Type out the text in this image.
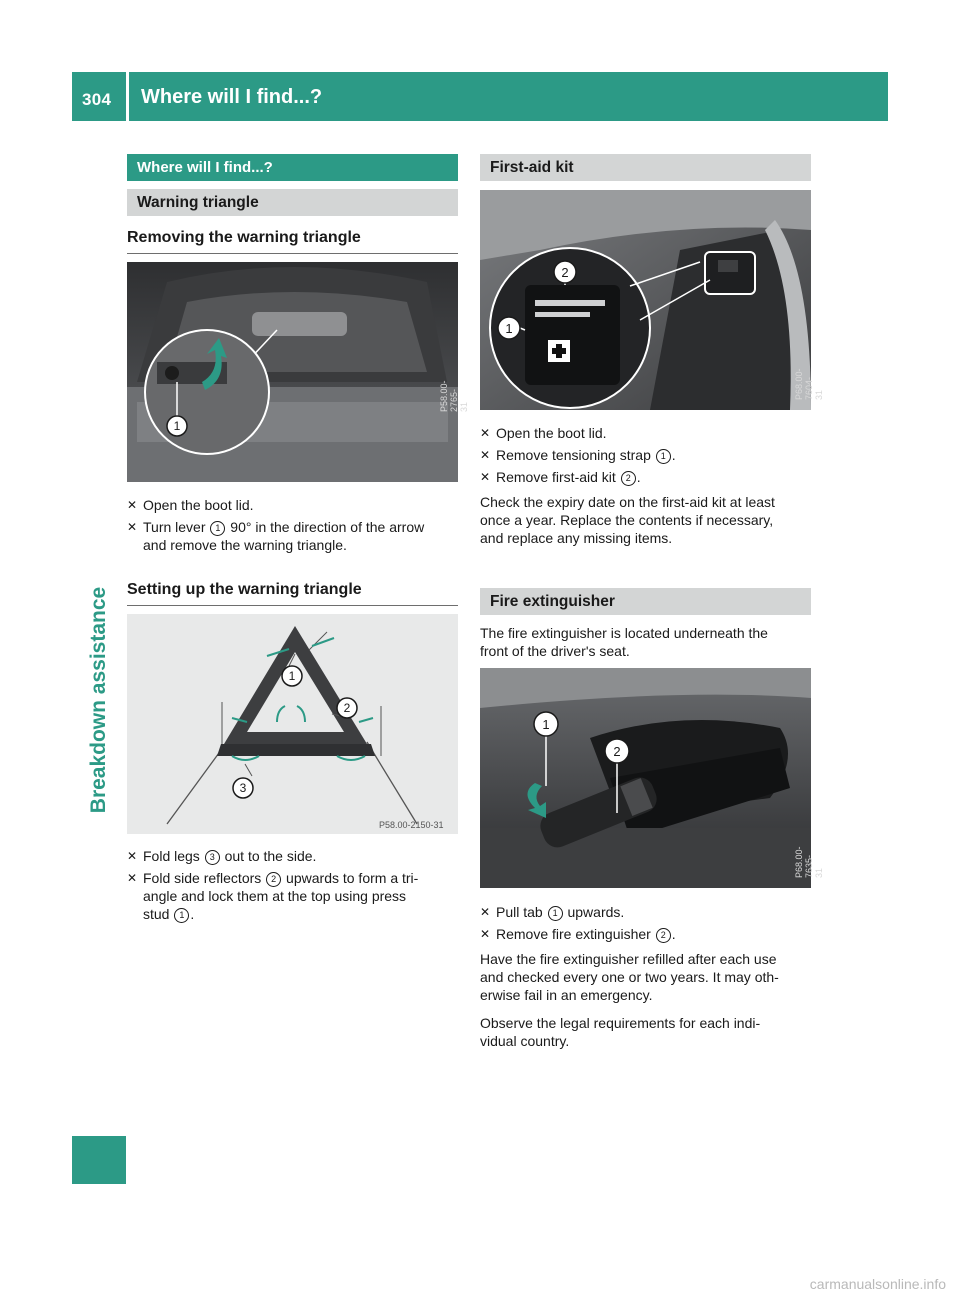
304 Where will I find...?
Breakdown assistance
Where will I find...?
Warning triangle
Removing the warning triangle
1
P58.00-2765-31
✕ Open the boot lid.
✕ Turn lever 1 90° in the direction of the arrow
and remove the warning triangle.
Setting up the warning triangle
1
2
3
P58.00-2150-31
✕ Fold legs 3 out to the side.
✕ Fold side reflectors 2 upwards to form a tri-
angle and lock them at the top using press
stud 1 .
First-aid kit
2
1
P68.00-7604-31
✕ Open the boot lid.
✕ Remove tensioning strap 1 .
✕ Remove first-aid kit 2 .
Check the expiry date on the first-aid kit at least
once a year. Replace the contents if necessary,
and replace any missing items.
Fire extinguisher
The fire extinguisher is located underneath the
front of the driver's seat.
1
2
P68.00-7635-31
✕ Pull tab 1 upwards.
✕ Remove fire extinguisher 2 .
Have the fire extinguisher refilled after each use
and checked every one or two years. It may oth-
erwise fail in an emergency.
Observe the legal requirements for each indi-
vidual country.
carmanualsonline.info
